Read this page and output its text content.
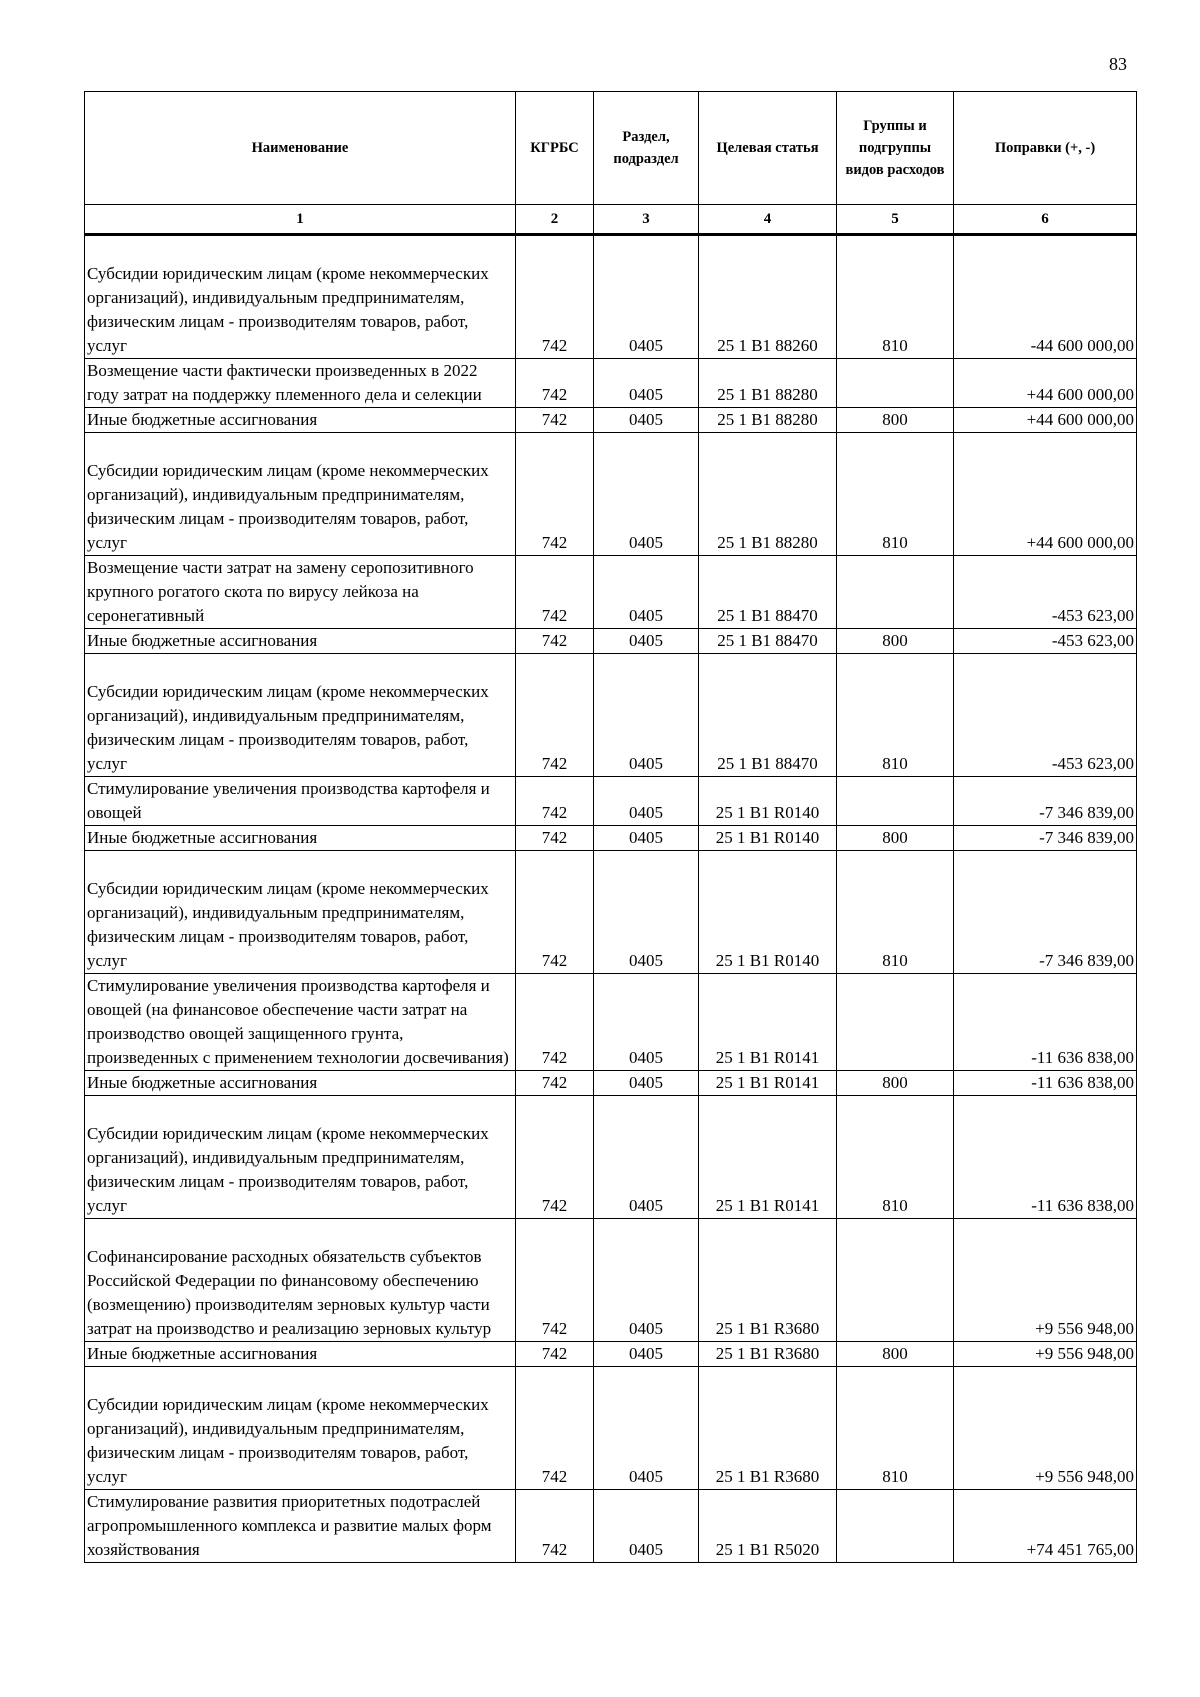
83
Наименование	КГРБС	Раздел, подраздел	Целевая статья	Группы и подгруппы видов расходов	Поправки (+, -)
1	2	3	4	5	6
Субсидии юридическим лицам (кроме некоммерческих организаций), индивидуальным предпринимателям, физическим лицам - производителям товаров, работ, услуг	742	0405	25 1 B1 88260	810	-44 600 000,00
Возмещение части фактически произведенных в 2022 году затрат на поддержку племенного дела и селекции	742	0405	25 1 B1 88280		+44 600 000,00
Иные бюджетные ассигнования	742	0405	25 1 B1 88280	800	+44 600 000,00
Субсидии юридическим лицам (кроме некоммерческих организаций), индивидуальным предпринимателям, физическим лицам - производителям товаров, работ, услуг	742	0405	25 1 B1 88280	810	+44 600 000,00
Возмещение части затрат на замену серопозитивного крупного рогатого скота по вирусу лейкоза на серонегативный	742	0405	25 1 B1 88470		-453 623,00
Иные бюджетные ассигнования	742	0405	25 1 B1 88470	800	-453 623,00
Субсидии юридическим лицам (кроме некоммерческих организаций), индивидуальным предпринимателям, физическим лицам - производителям товаров, работ, услуг	742	0405	25 1 B1 88470	810	-453 623,00
Стимулирование увеличения производства картофеля и овощей	742	0405	25 1 B1 R0140		-7 346 839,00
Иные бюджетные ассигнования	742	0405	25 1 B1 R0140	800	-7 346 839,00
Субсидии юридическим лицам (кроме некоммерческих организаций), индивидуальным предпринимателям, физическим лицам - производителям товаров, работ, услуг	742	0405	25 1 B1 R0140	810	-7 346 839,00
Стимулирование увеличения производства картофеля и овощей (на финансовое обеспечение части затрат на производство овощей защищенного грунта, произведенных с применением технологии досвечивания)	742	0405	25 1 B1 R0141		-11 636 838,00
Иные бюджетные ассигнования	742	0405	25 1 B1 R0141	800	-11 636 838,00
Субсидии юридическим лицам (кроме некоммерческих организаций), индивидуальным предпринимателям, физическим лицам - производителям товаров, работ, услуг	742	0405	25 1 B1 R0141	810	-11 636 838,00
Софинансирование расходных обязательств субъектов Российской Федерации по финансовому обеспечению (возмещению) производителям зерновых культур части затрат на производство и реализацию зерновых культур	742	0405	25 1 B1 R3680		+9 556 948,00
Иные бюджетные ассигнования	742	0405	25 1 B1 R3680	800	+9 556 948,00
Субсидии юридическим лицам (кроме некоммерческих организаций), индивидуальным предпринимателям, физическим лицам - производителям товаров, работ, услуг	742	0405	25 1 B1 R3680	810	+9 556 948,00
Стимулирование развития приоритетных подотраслей агропромышленного комплекса и развитие малых форм хозяйствования	742	0405	25 1 B1 R5020		+74 451 765,00
